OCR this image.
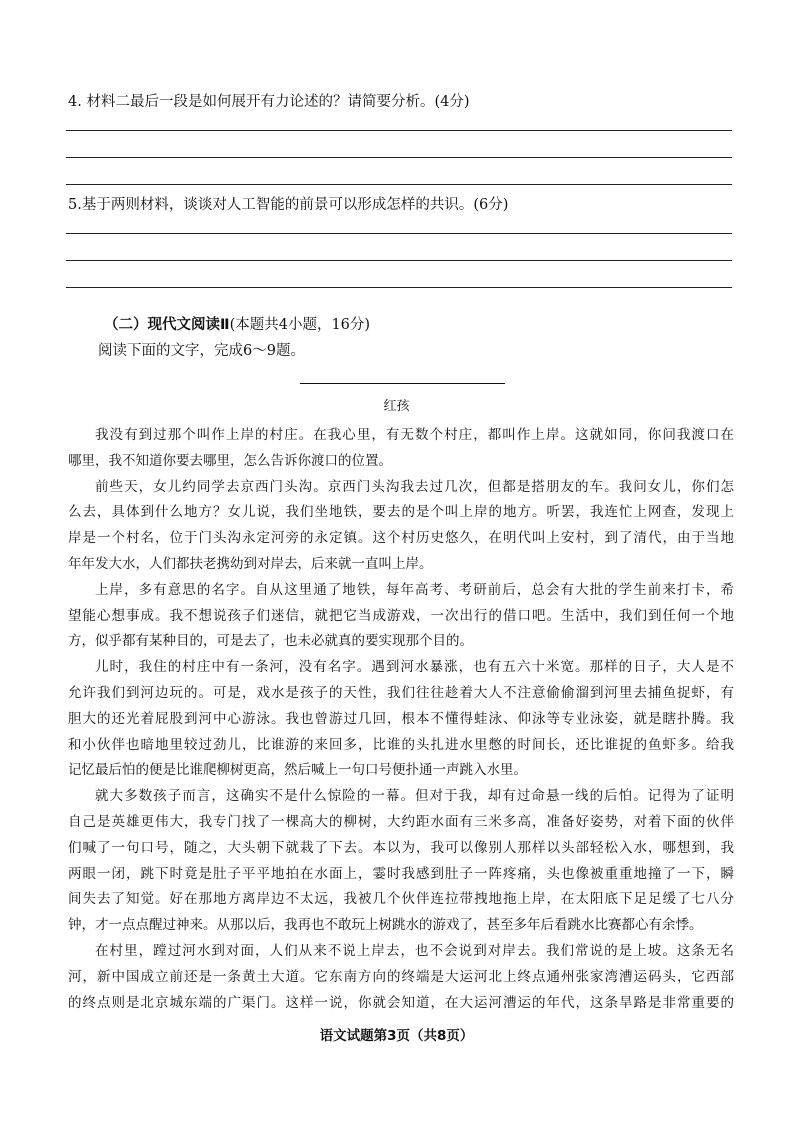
4. 材料二最后一段是如何展开有力论述的？请简要分析。(4分)
5.基于两则材料，谈谈对人工智能的前景可以形成怎样的共识。(6分)
（二）现代文阅读Ⅱ(本题共4小题，16分)
阅读下面的文字，完成6～9题。
红孩
我没有到过那个叫作上岸的村庄。在我心里，有无数个村庄，都叫作上岸。这就如同，你问我渡口在
哪里，我不知道你要去哪里，怎么告诉你渡口的位置。
前些天，女儿约同学去京西门头沟。京西门头沟我去过几次，但都是搭朋友的车。我问女儿，你们怎
么去，具体到什么地方？女儿说，我们坐地铁，要去的是个叫上岸的地方。听罢，我连忙上网查，发现上
岸是一个村名，位于门头沟永定河旁的永定镇。这个村历史悠久，在明代叫上安村，到了清代，由于当地
年年发大水，人们都扶老携幼到对岸去，后来就一直叫上岸。
上岸，多有意思的名字。自从这里通了地铁，每年高考、考研前后，总会有大批的学生前来打卡，希
望能心想事成。我不想说孩子们迷信，就把它当成游戏，一次出行的借口吧。生活中，我们到任何一个地
方，似乎都有某种目的，可是去了，也未必就真的要实现那个目的。
儿时，我住的村庄中有一条河，没有名字。遇到河水暴涨，也有五六十米宽。那样的日子，大人是不
允许我们到河边玩的。可是，戏水是孩子的天性，我们往往趁着大人不注意偷偷溜到河里去捕鱼捉虾，有
胆大的还光着屁股到河中心游泳。我也曾游过几回，根本不懂得蛙泳、仰泳等专业泳姿，就是瞎扑腾。我
和小伙伴也暗地里较过劲儿，比谁游的来回多，比谁的头扎进水里憋的时间长，还比谁捉的鱼虾多。给我
记忆最后怕的便是比谁爬柳树更高，然后喊上一句口号便扑通一声跳入水里。
就大多数孩子而言，这确实不是什么惊险的一幕。但对于我，却有过命悬一线的后怕。记得为了证明
自己是英雄更伟大，我专门找了一棵高大的柳树，大约距水面有三米多高，准备好姿势，对着下面的伙伴
们喊了一句口号，随之，大头朝下就栽了下去。本以为，我可以像别人那样以头部轻松入水，哪想到，我
两眼一闭，跳下时竟是肚子平平地拍在水面上，霎时我感到肚子一阵疼痛，头也像被重重地撞了一下，瞬
间失去了知觉。好在那地方离岸边不太远，我被几个伙伴连拉带拽地拖上岸，在太阳底下足足缓了七八分
钟，才一点点醒过神来。从那以后，我再也不敢玩上树跳水的游戏了，甚至多年后看跳水比赛都心有余悸。
在村里，蹚过河水到对面，人们从来不说上岸去，也不会说到对岸去。我们常说的是上坡。这条无名
河，新中国成立前还是一条黄土大道。它东南方向的终端是大运河北上终点通州张家湾漕运码头，它西部
的终点则是北京城东端的广渠门。这样一说，你就会知道，在大运河漕运的年代，这条旱路是非常重要的
语文试题第3页（共8页）
